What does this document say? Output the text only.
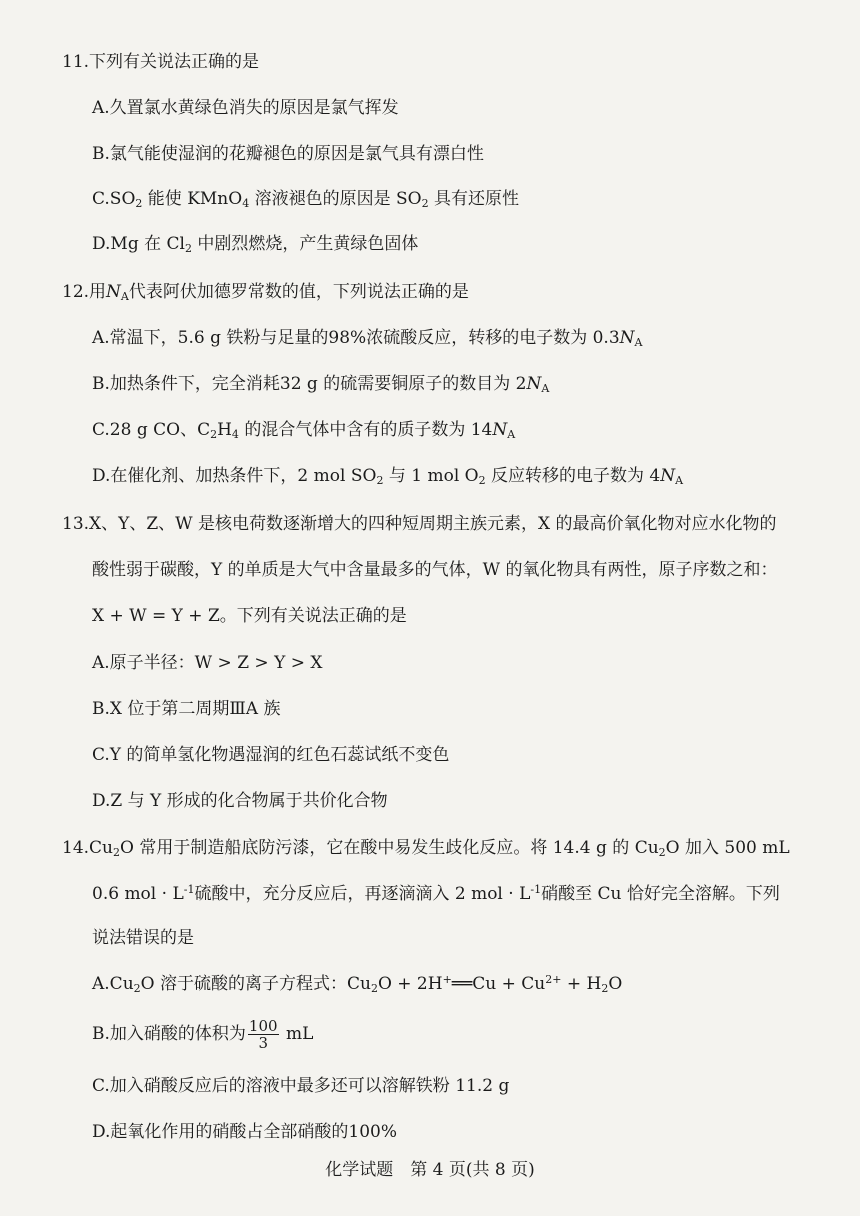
11.下列有关说法正确的是
A.久置氯水黄绿色消失的原因是氯气挥发
B.氯气能使湿润的花瓣褪色的原因是氯气具有漂白性
$C.SO_2$ 能使 KMnO$_4$ 溶液褪色的原因是 $SO_2$ 具有还原性
D.Mg 在 $Cl_2$ 中剧烈燃烧，产生黄绿色固体
12.用$N_A$代表阿伏加德罗常数的值，下列说法正确的是
A.常温下，5.6 g 铁粉与足量的98%浓硫酸反应，转移的电子数为 $0.3N_A$
B.加热条件下，完全消耗32 g 的硫需要铜原子的数目为 $2N_A$
C.28 g CO、$C_2H_4$ 的混合气体中含有的质子数为 $14N_A$
D.在催化剂、加热条件下，2 mol $SO_2$ 与 1 mol $O_2$ 反应转移的电子数为 $4N_A$
13.X、Y、Z、W 是核电荷数逐渐增大的四种短周期主族元素，X 的最高价氧化物对应水化物的
酸性弱于碳酸，Y 的单质是大气中含量最多的气体，W 的氧化物具有两性，原子序数之和：
X + W = Y + Z。下列有关说法正确的是
A.原子半径：W > Z > Y > X
B.X 位于第二周期ⅢA 族
C.Y 的简单氢化物遇湿润的红色石蕊试纸不变色
D.Z 与 Y 形成的化合物属于共价化合物
$14.Cu_2O$ 常用于制造船底防污漆，它在酸中易发生歧化反应。将 14.4 g 的 $Cu_2O$ 加入 500 mL
0.6 mol · $L^{-1}$硫酸中，充分反应后，再逐滴滴入 2 mol · $L^{-1}$硝酸至 Cu 恰好完全溶解。下列
说法错误的是
$A.Cu_2O$ 溶于硫酸的离子方程式：$Cu_2O$ + 2H+══Cu + $Cu^{2+} + H_2O$
B.加入硝酸的体积为 $\frac{100}{3}$ mL
C.加入硝酸反应后的溶液中最多还可以溶解铁粉 11.2 g
D.起氧化作用的硝酸占全部硝酸的100%
化学试题　第 4 页(共 8 页)
